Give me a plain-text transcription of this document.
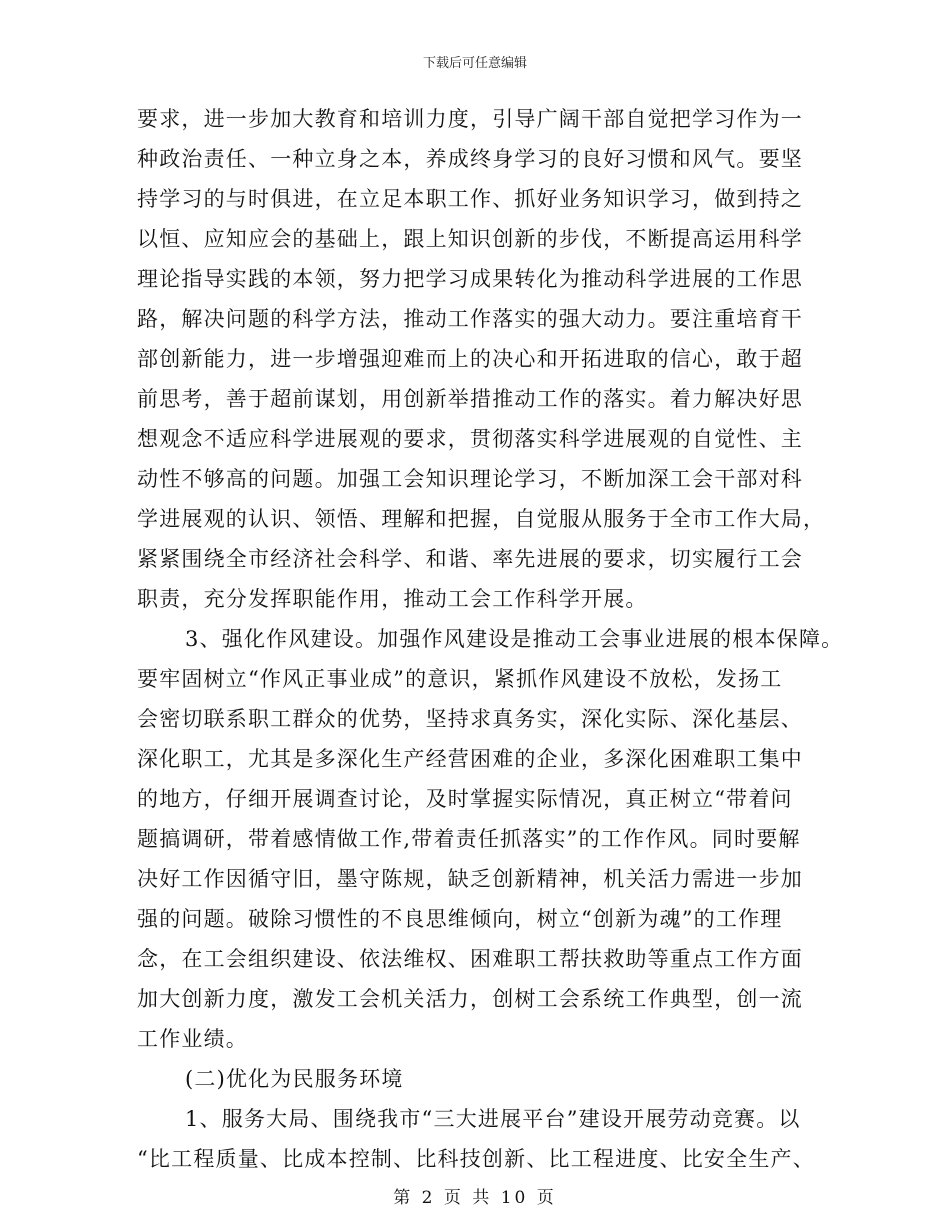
下载后可任意编辑
要求，进一步加大教育和培训力度，引导广阔干部自觉把学习作为一
种政治责任、一种立身之本，养成终身学习的良好习惯和风气。要坚
持学习的与时俱进，在立足本职工作、抓好业务知识学习，做到持之
以恒、应知应会的基础上，跟上知识创新的步伐，不断提高运用科学
理论指导实践的本领，努力把学习成果转化为推动科学进展的工作思
路，解决问题的科学方法，推动工作落实的强大动力。要注重培育干
部创新能力，进一步增强迎难而上的决心和开拓进取的信心，敢于超
前思考，善于超前谋划，用创新举措推动工作的落实。着力解决好思
想观念不适应科学进展观的要求，贯彻落实科学进展观的自觉性、主
动性不够高的问题。加强工会知识理论学习，不断加深工会干部对科
学进展观的认识、领悟、理解和把握，自觉服从服务于全市工作大局，
紧紧围绕全市经济社会科学、和谐、率先进展的要求，切实履行工会
职责，充分发挥职能作用，推动工会工作科学开展。
3、强化作风建设。加强作风建设是推动工会事业进展的根本保障。
要牢固树立“作风正事业成”的意识，紧抓作风建设不放松，发扬工
会密切联系职工群众的优势，坚持求真务实，深化实际、深化基层、
深化职工，尤其是多深化生产经营困难的企业，多深化困难职工集中
的地方，仔细开展调查讨论，及时掌握实际情况，真正树立“带着问
题搞调研，带着感情做工作,带着责任抓落实”的工作作风。同时要解
决好工作因循守旧，墨守陈规，缺乏创新精神，机关活力需进一步加
强的问题。破除习惯性的不良思维倾向，树立“创新为魂”的工作理
念，在工会组织建设、依法维权、困难职工帮扶救助等重点工作方面
加大创新力度，激发工会机关活力，创树工会系统工作典型，创一流
工作业绩。
(二)优化为民服务环境
1、服务大局、围绕我市“三大进展平台”建设开展劳动竞赛。以
“比工程质量、比成本控制、比科技创新、比工程进度、比安全生产、
第 2 页 共 10 页
